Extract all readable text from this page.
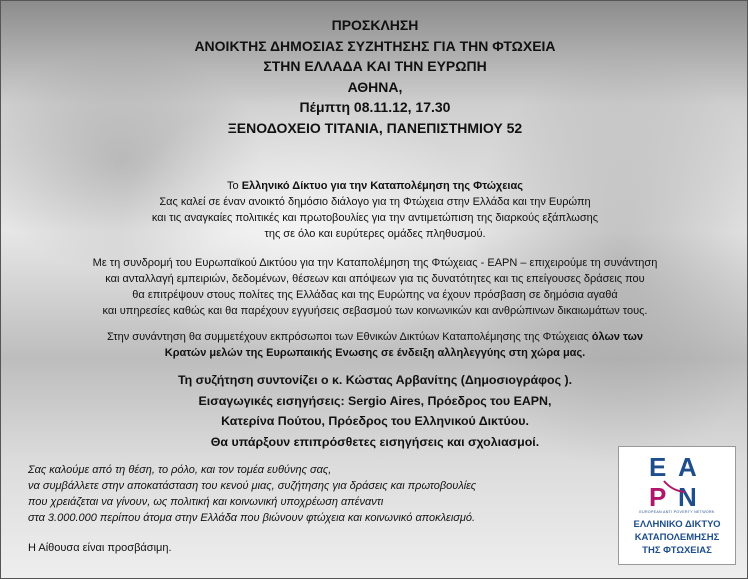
ΠΡΟΣΚΛΗΣΗ
ΑΝΟΙΚΤΗΣ ΔΗΜΟΣΙΑΣ ΣΥΖΗΤΗΣΗΣ ΓΙΑ ΤΗΝ ΦΤΩΧΕΙΑ
ΣΤΗΝ ΕΛΛΑΔΑ ΚΑΙ ΤΗΝ ΕΥΡΩΠΗ
ΑΘΗΝΑ,
Πέμπτη 08.11.12, 17.30
ΞΕΝΟΔΟΧΕΙΟ ΤΙΤΑΝΙΑ, ΠΑΝΕΠΙΣΤΗΜΙΟΥ 52
Το Ελληνικό Δίκτυο για την Καταπολέμηση της Φτώχειας
Σας καλεί σε έναν ανοικτό δημόσιο διάλογο για τη Φτώχεια στην Ελλάδα και την Ευρώπη
και τις αναγκαίες πολιτικές και πρωτοβουλίες για την αντιμετώπιση της διαρκούς εξάπλωσης
της σε όλο και ευρύτερες ομάδες πληθυσμού.
Με τη συνδρομή του Ευρωπαϊκού Δικτύου για την Καταπολέμηση της Φτώχειας - EAPN – επιχειρούμε τη συνάντηση
και ανταλλαγή εμπειριών, δεδομένων, θέσεων και απόψεων για τις δυνατότητες και τις επείγουσες δράσεις που
θα επιτρέψουν στους πολίτες της Ελλάδας και της Ευρώπης να έχουν πρόσβαση σε δημόσια αγαθά
και υπηρεσίες καθώς και θα παρέχουν εγγυήσεις σεβασμού των κοινωνικών και ανθρώπινων δικαιωμάτων τους.
Στην συνάντηση θα συμμετέχουν εκπρόσωποι των Εθνικών Δικτύων Καταπολέμησης της Φτώχειας όλων των
Κρατών μελών της Ευρωπαικής Ενωσης σε ένδειξη αλληλεγγύης στη χώρα μας.
Τη συζήτηση συντονίζει ο κ. Κώστας Αρβανίτης (Δημοσιογράφος ).
Εισαγωγικές εισηγήσεις: Sergio Aires, Πρόεδρος του EAPN,
Κατερίνα Πούτου, Πρόεδρος του Ελληνικού Δικτύου.
Θα υπάρξουν επιπρόσθετες εισηγήσεις και σχολιασμοί.
Σας καλούμε από τη θέση, το ρόλο, και τον τομέα ευθύνης σας,
να συμβάλλετε στην αποκατάσταση του κενού μιας, συζήτησης για δράσεις και πρωτοβουλίες
που χρειάζεται να γίνουν, ως πολιτική και κοινωνική υποχρέωση απέναντι
στα 3.000.000 περίπου άτομα στην Ελλάδα που βιώνουν φτώχεια και κοινωνικό αποκλεισμό.
Η Αίθουσα είναι προσβάσιμη.
E A
P N
EUROPEAN ANTI POVERTY NETWORK
ΕΛΛΗΝΙΚΟ ΔΙΚΤΥΟ
ΚΑΤΑΠΟΛΕΜΗΣΗΣ
ΤΗΣ ΦΤΩΧΕΙΑΣ
